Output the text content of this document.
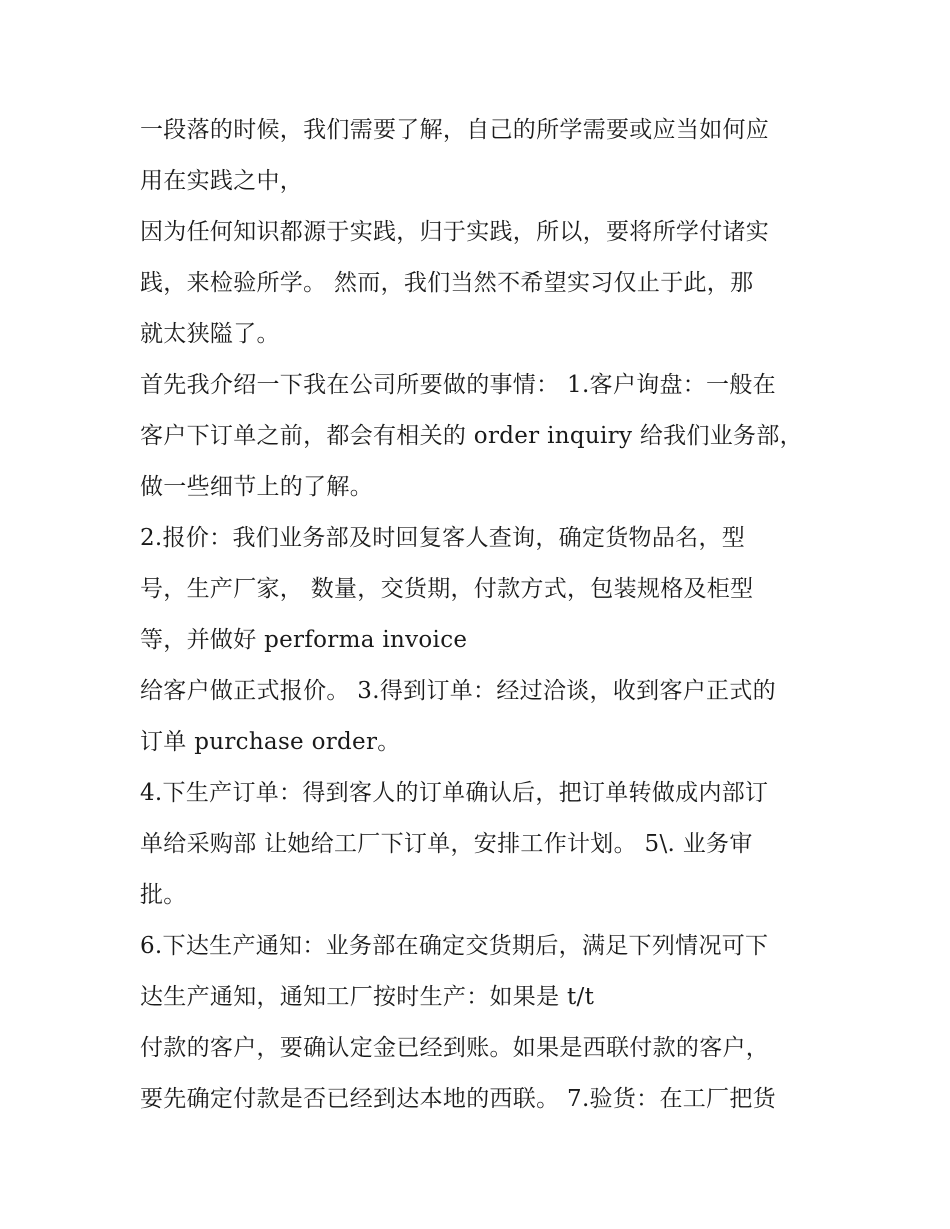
一段落的时候，我们需要了解，自己的所学需要或应当如何应
用在实践之中，
因为任何知识都源于实践，归于实践，所以，要将所学付诸实
践，来检验所学。 然而，我们当然不希望实习仅止于此，那
就太狭隘了。
首先我介绍一下我在公司所要做的事情： 1.客户询盘：一般在
客户下订单之前，都会有相关的 order inquiry 给我们业务部，
做一些细节上的了解。
2.报价：我们业务部及时回复客人查询，确定货物品名，型
号，生产厂家， 数量，交货期，付款方式，包装规格及柜型
等，并做好 performa invoice
给客户做正式报价。 3.得到订单：经过洽谈，收到客户正式的
订单 purchase order。
4.下生产订单：得到客人的订单确认后，把订单转做成内部订
单给采购部 让她给工厂下订单，安排工作计划。 5\. 业务审
批。
6.下达生产通知：业务部在确定交货期后，满足下列情况可下
达生产通知，通知工厂按时生产：如果是 t/t
付款的客户，要确认定金已经到账。如果是西联付款的客户，
要先确定付款是否已经到达本地的西联。 7.验货：在工厂把货
